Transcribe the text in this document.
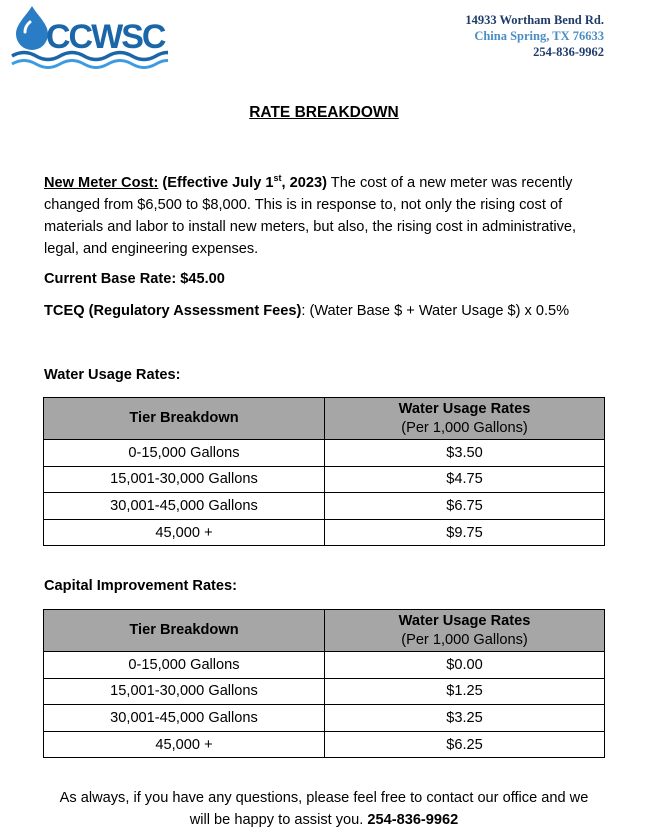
CCWSC	14933 Wortham Bend Rd.
China Spring, TX 76633
254-836-9962
RATE BREAKDOWN
New Meter Cost: (Effective July 1st, 2023) The cost of a new meter was recently changed from $6,500 to $8,000. This is in response to, not only the rising cost of materials and labor to install new meters, but also, the rising cost in administrative, legal, and engineering expenses.
Current Base Rate: $45.00
TCEQ (Regulatory Assessment Fees): (Water Base $ + Water Usage $) x 0.5%
Water Usage Rates:
Tier Breakdown	Water Usage Rates
(Per 1,000 Gallons)

0-15,000 Gallons	$3.50
15,001-30,000 Gallons	$4.75
30,001-45,000 Gallons	$6.75
45,000 +	$9.75
Capital Improvement Rates:
Tier Breakdown	Water Usage Rates
(Per 1,000 Gallons)

0-15,000 Gallons	$0.00
15,001-30,000 Gallons	$1.25
30,001-45,000 Gallons	$3.25
45,000 +	$6.25
As always, if you have any questions, please feel free to contact our office and we
will be happy to assist you. 254-836-9962
